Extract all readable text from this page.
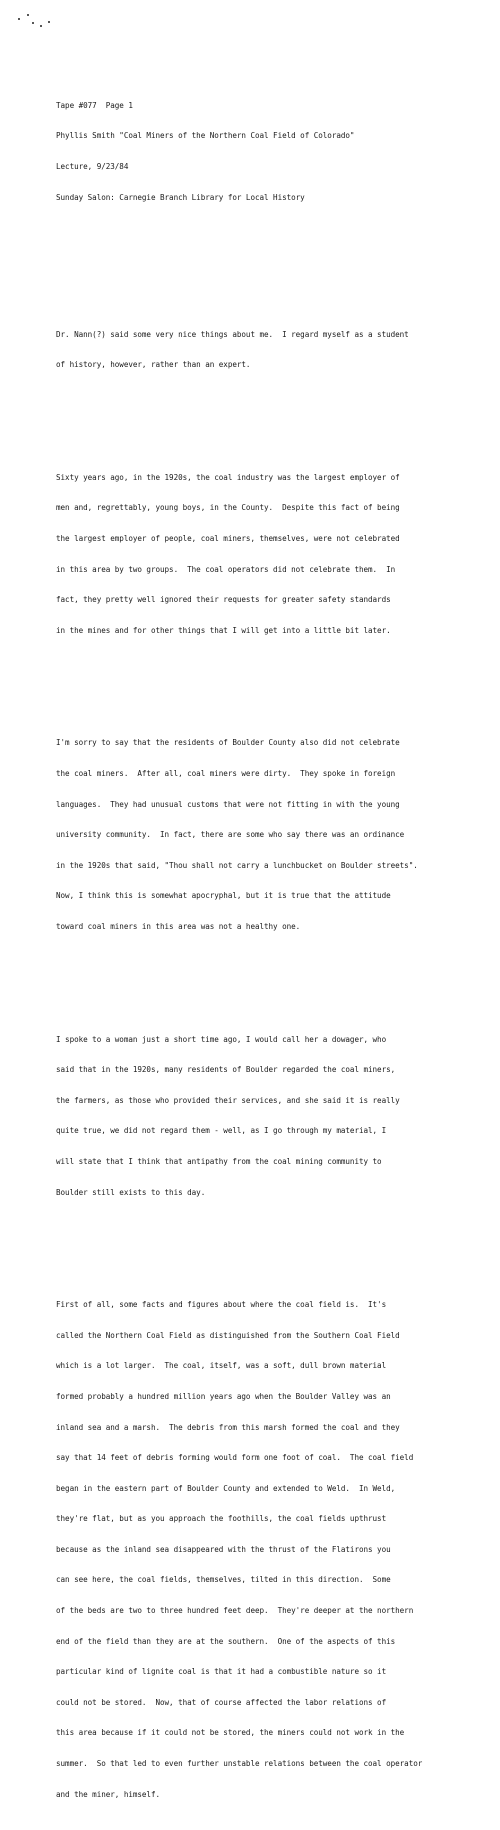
Tape #077  Page 1

Phyllis Smith "Coal Miners of the Northern Coal Field of Colorado"

Lecture, 9/23/84

Sunday Salon: Carnegie Branch Library for Local History

Dr. Nann(?) said some very nice things about me.  I regard myself as a student

of history, however, rather than an expert.

Sixty years ago, in the 1920s, the coal industry was the largest employer of

men and, regrettably, young boys, in the County.  Despite this fact of being

the largest employer of people, coal miners, themselves, were not celebrated

in this area by two groups.  The coal operators did not celebrate them.  In

fact, they pretty well ignored their requests for greater safety standards

in the mines and for other things that I will get into a little bit later.

I'm sorry to say that the residents of Boulder County also did not celebrate

the coal miners.  After all, coal miners were dirty.  They spoke in foreign

languages.  They had unusual customs that were not fitting in with the young

university community.  In fact, there are some who say there was an ordinance

in the 1920s that said, "Thou shall not carry a lunchbucket on Boulder streets".

Now, I think this is somewhat apocryphal, but it is true that the attitude

toward coal miners in this area was not a healthy one.

I spoke to a woman just a short time ago, I would call her a dowager, who

said that in the 1920s, many residents of Boulder regarded the coal miners,

the farmers, as those who provided their services, and she said it is really

quite true, we did not regard them - well, as I go through my material, I

will state that I think that antipathy from the coal mining community to

Boulder still exists to this day.

First of all, some facts and figures about where the coal field is.  It's

called the Northern Coal Field as distinguished from the Southern Coal Field

which is a lot larger.  The coal, itself, was a soft, dull brown material

formed probably a hundred million years ago when the Boulder Valley was an

inland sea and a marsh.  The debris from this marsh formed the coal and they

say that 14 feet of debris forming would form one foot of coal.  The coal field

began in the eastern part of Boulder County and extended to Weld.  In Weld,

they're flat, but as you approach the foothills, the coal fields upthrust

because as the inland sea disappeared with the thrust of the Flatirons you

can see here, the coal fields, themselves, tilted in this direction.  Some

of the beds are two to three hundred feet deep.  They're deeper at the northern

end of the field than they are at the southern.  One of the aspects of this

particular kind of lignite coal is that it had a combustible nature so it

could not be stored.  Now, that of course affected the labor relations of

this area because if it could not be stored, the miners could not work in the

summer.  So that led to even further unstable relations between the coal operator

and the miner, himself.
